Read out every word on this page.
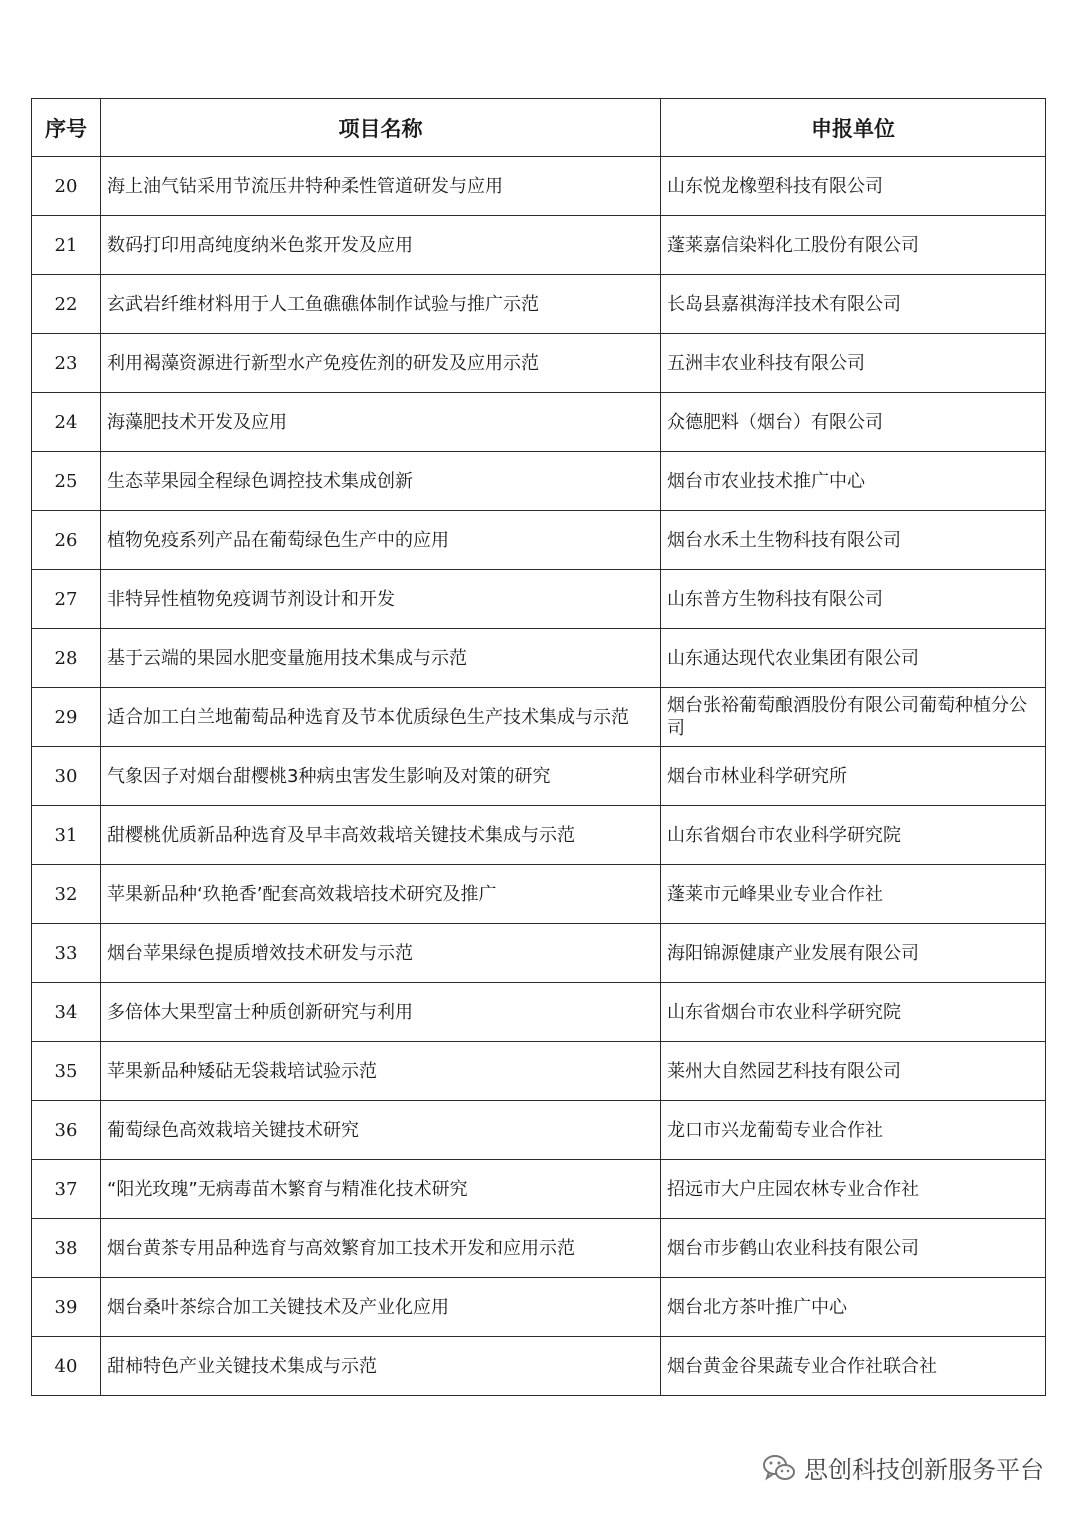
序号	项目名称	申报单位
20	海上油气钻采用节流压井特种柔性管道研发与应用	山东悦龙橡塑科技有限公司
21	数码打印用高纯度纳米色浆开发及应用	蓬莱嘉信染料化工股份有限公司
22	玄武岩纤维材料用于人工鱼礁礁体制作试验与推广示范	长岛县嘉祺海洋技术有限公司
23	利用褐藻资源进行新型水产免疫佐剂的研发及应用示范	五洲丰农业科技有限公司
24	海藻肥技术开发及应用	众德肥料（烟台）有限公司
25	生态苹果园全程绿色调控技术集成创新	烟台市农业技术推广中心
26	植物免疫系列产品在葡萄绿色生产中的应用	烟台水禾土生物科技有限公司
27	非特异性植物免疫调节剂设计和开发	山东普方生物科技有限公司
28	基于云端的果园水肥变量施用技术集成与示范	山东通达现代农业集团有限公司
29	适合加工白兰地葡萄品种选育及节本优质绿色生产技术集成与示范	烟台张裕葡萄酿酒股份有限公司葡萄种植分公司
30	气象因子对烟台甜樱桃3种病虫害发生影响及对策的研究	烟台市林业科学研究所
31	甜樱桃优质新品种选育及早丰高效栽培关键技术集成与示范	山东省烟台市农业科学研究院
32	苹果新品种‘玖艳香’配套高效栽培技术研究及推广	蓬莱市元峰果业专业合作社
33	烟台苹果绿色提质增效技术研发与示范	海阳锦源健康产业发展有限公司
34	多倍体大果型富士种质创新研究与利用	山东省烟台市农业科学研究院
35	苹果新品种矮砧无袋栽培试验示范	莱州大自然园艺科技有限公司
36	葡萄绿色高效栽培关键技术研究	龙口市兴龙葡萄专业合作社
37	“阳光玫瑰”无病毒苗木繁育与精准化技术研究	招远市大户庄园农林专业合作社
38	烟台黄茶专用品种选育与高效繁育加工技术开发和应用示范	烟台市步鹤山农业科技有限公司
39	烟台桑叶茶综合加工关键技术及产业化应用	烟台北方茶叶推广中心
40	甜柿特色产业关键技术集成与示范	烟台黄金谷果蔬专业合作社联合社
思创科技创新服务平台
